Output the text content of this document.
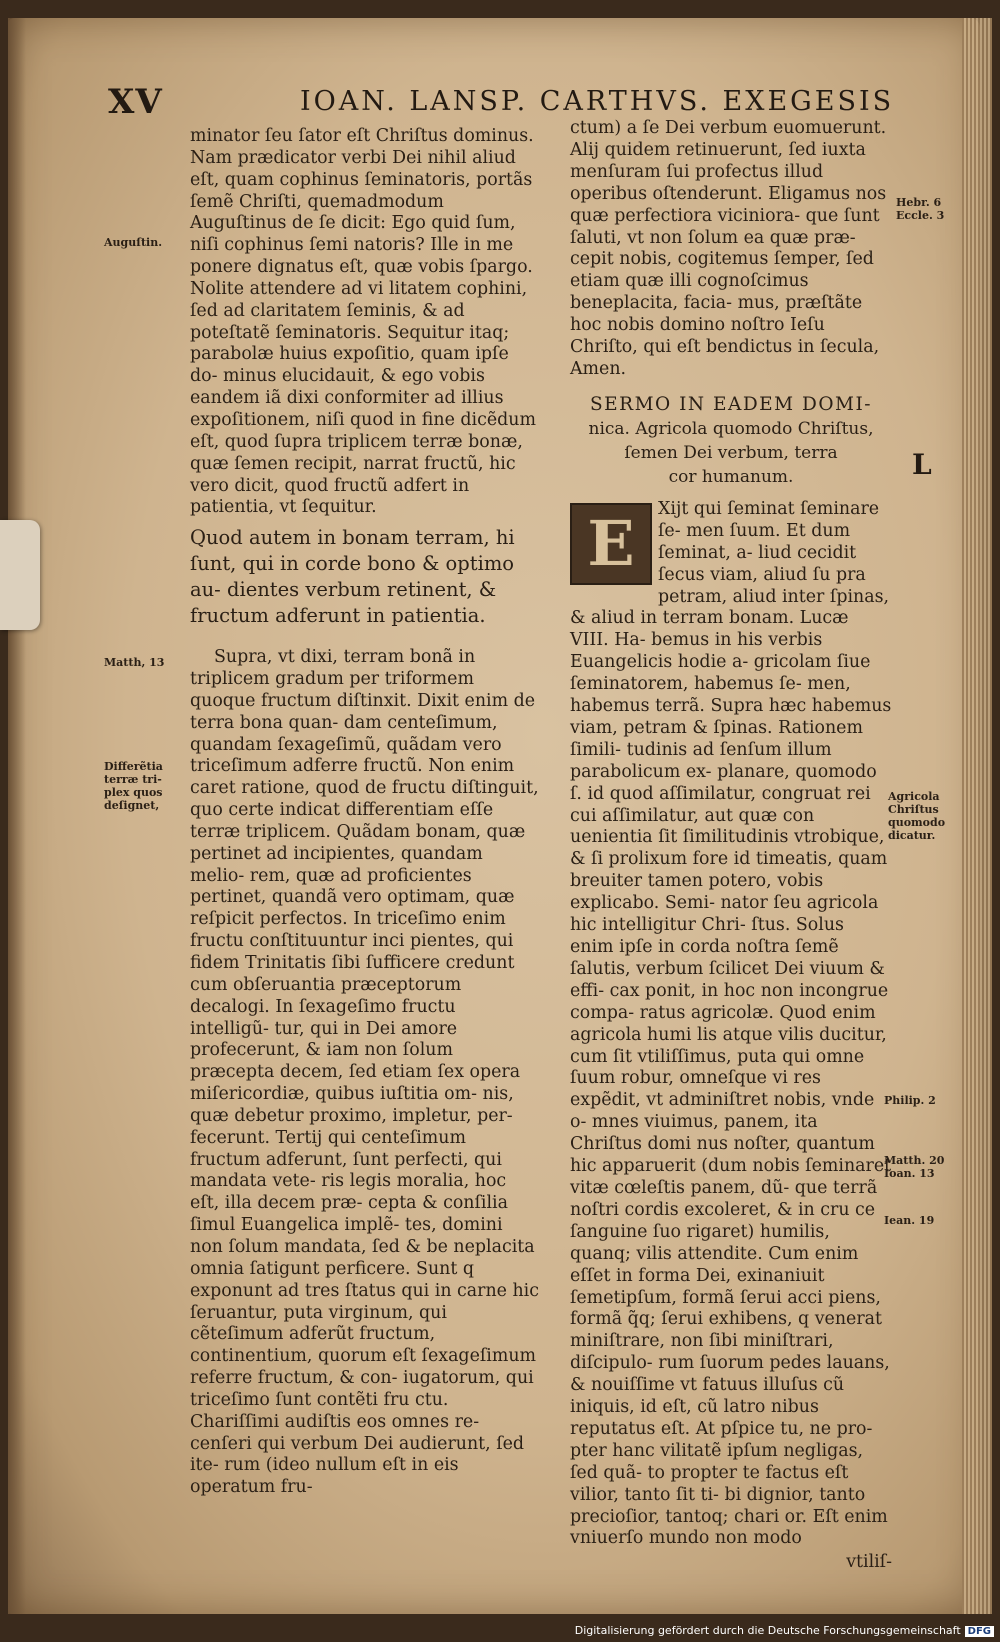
XV	IOAN. LANSP. CARTHVS. EXEGESIS

minator ſeu ſator eſt Chriſtus dominus. Nam prædicator verbi Dei nihil aliud eſt, quam cophinus ſeminatoris, portãs ſemẽ Chriſti, quemadmodum Auguſtinus de ſe dicit: Ego quid ſum, niſi cophinus ſemi natoris? Ille in me ponere dignatus eſt, quæ vobis ſpargo. Nolite attendere ad vi litatem cophini, ſed ad claritatem ſeminis, & ad poteſtatẽ ſeminatoris. Sequitur itaq; parabolæ huius expoſitio, quam ipſe do- minus elucidauit, & ego vobis eandem iã dixi conformiter ad illius expoſitionem, niſi quod in fine dicẽdum eſt, quod ſupra triplicem terræ bonæ, quæ ſemen recipit, narrat fructũ, hic vero dicit, quod fructũ adfert in patientia, vt ſequitur.

Quod autem in bonam terram, hi ſunt, qui in corde bono & optimo au- dientes verbum retinent, & fructum adferunt in patientia.

Supra, vt dixi, terram bonã in triplicem gradum per triformem quoque fructum diſtinxit. Dixit enim de terra bona quan- dam centeſimum, quandam ſexageſimũ, quãdam vero triceſimum adferre fructũ. Non enim caret ratione, quod de fructu diſtinguit, quo certe indicat differentiam eſſe terræ triplicem. Quãdam bonam, quæ pertinet ad incipientes, quandam melio- rem, quæ ad proficientes pertinet, quandã vero optimam, quæ reſpicit perfectos. In triceſimo enim fructu conſtituuntur inci pientes, qui fidem Trinitatis ſibi ſufficere credunt cum obſeruantia præceptorum decalogi. In ſexageſimo fructu intelligũ- tur, qui in Dei amore profecerunt, & iam non ſolum præcepta decem, ſed etiam ſex opera miſericordiæ, quibus iuſtitia om- nis, quæ debetur proximo, impletur, per- fecerunt. Tertij qui centeſimum fructum adferunt, ſunt perfecti, qui mandata vete- ris legis moralia, hoc eſt, illa decem præ- cepta & conſilia ſimul Euangelica implẽ- tes, domini non ſolum mandata, ſed & be neplacita omnia ſatigunt perficere. Sunt q exponunt ad tres ſtatus qui in carne hic ſeruantur, puta virginum, qui cẽteſimum adferũt fructum, continentium, quorum eſt ſexageſimum referre fructum, & con- iugatorum, qui triceſimo ſunt contẽti fru ctu. Chariſſimi audiſtis eos omnes re- cenſeri qui verbum Dei audierunt, ſed ite- rum (ideo nullum eſt in eis operatum fru-

ctum) a ſe Dei verbum euomuerunt. Alij quidem retinuerunt, ſed iuxta menſuram ſui profectus illud operibus oſtenderunt. Eligamus nos quæ perfectiora viciniora- que ſunt ſaluti, vt non ſolum ea quæ præ- cepit nobis, cogitemus ſemper, ſed etiam quæ illi cognoſcimus beneplacita, facia- mus, præſtãte hoc nobis domino noſtro Ieſu Chriſto, qui eſt bendictus in ſecula, Amen.

SERMO IN EADEM DOMI-
nica. Agricola quomodo Chriſtus,
ſemen Dei verbum, terra
cor humanum.
E	Xijt qui ſeminat ſeminare ſe- men ſuum. Et dum ſeminat, a- liud cecidit ſecus viam, aliud ſu pra petram, aliud inter ſpinas, & aliud in terram bonam. Lucæ VIII. Ha- bemus in his verbis Euangelicis hodie a- gricolam ſiue ſeminatorem, habemus ſe- men, habemus terrã. Supra hæc habemus viam, petram & ſpinas. Rationem ſimili- tudinis ad ſenſum illum parabolicum ex- planare, quomodo ſ. id quod aſſimilatur, congruat rei cui aſſimilatur, aut quæ con uenientia ſit ſimilitudinis vtrobique, & ſi prolixum fore id timeatis, quam breuiter tamen potero, vobis explicabo. Semi- nator ſeu agricola hic intelligitur Chri- ſtus. Solus enim ipſe in corda noſtra ſemẽ ſalutis, verbum ſcilicet Dei viuum & effi- cax ponit, in hoc non incongrue compa- ratus agricolæ. Quod enim agricola humi lis atque vilis ducitur, cum ſit vtiliſſimus, puta qui omne ſuum robur, omneſque vi res expẽdit, vt adminiſtret nobis, vnde o- mnes viuimus, panem, ita Chriſtus domi nus noſter, quantum hic apparuerit (dum nobis ſeminaret vitæ cœleſtis panem, dũ- que terrã noſtri cordis excoleret, & in cru ce ſanguine ſuo rigaret) humilis, quanq; vilis attendite. Cum enim eſſet in forma Dei, exinaniuit ſemetipſum, formã ſerui acci piens, formã q̃q; ſerui exhibens, q venerat miniſtrare, non ſibi miniſtrari, diſcipulo- rum ſuorum pedes lauans, & nouiſſime vt fatuus illuſus cũ iniquis, id eſt, cũ latro nibus reputatus eſt. At pſpice tu, ne pro- pter hanc vilitatẽ ipſum negligas, ſed quã- to propter te factus eſt vilior, tanto ſit ti- bi dignior, tanto precioſior, tantoq; chari or. Eſt enim vniuerſo mundo non modo

vtiliſ-

Auguſtin.
Matth, 13
Differẽtia terræ tri- plex quos deſignet,
Hebr. 6 Eccle. 3
L
Agricola Chriſtus quomodo dicatur.
Philip. 2
Matth. 20 Ioan. 13
Iean. 19
Digitalisierung gefördert durch die Deutsche Forschungsgemeinschaft DFG
